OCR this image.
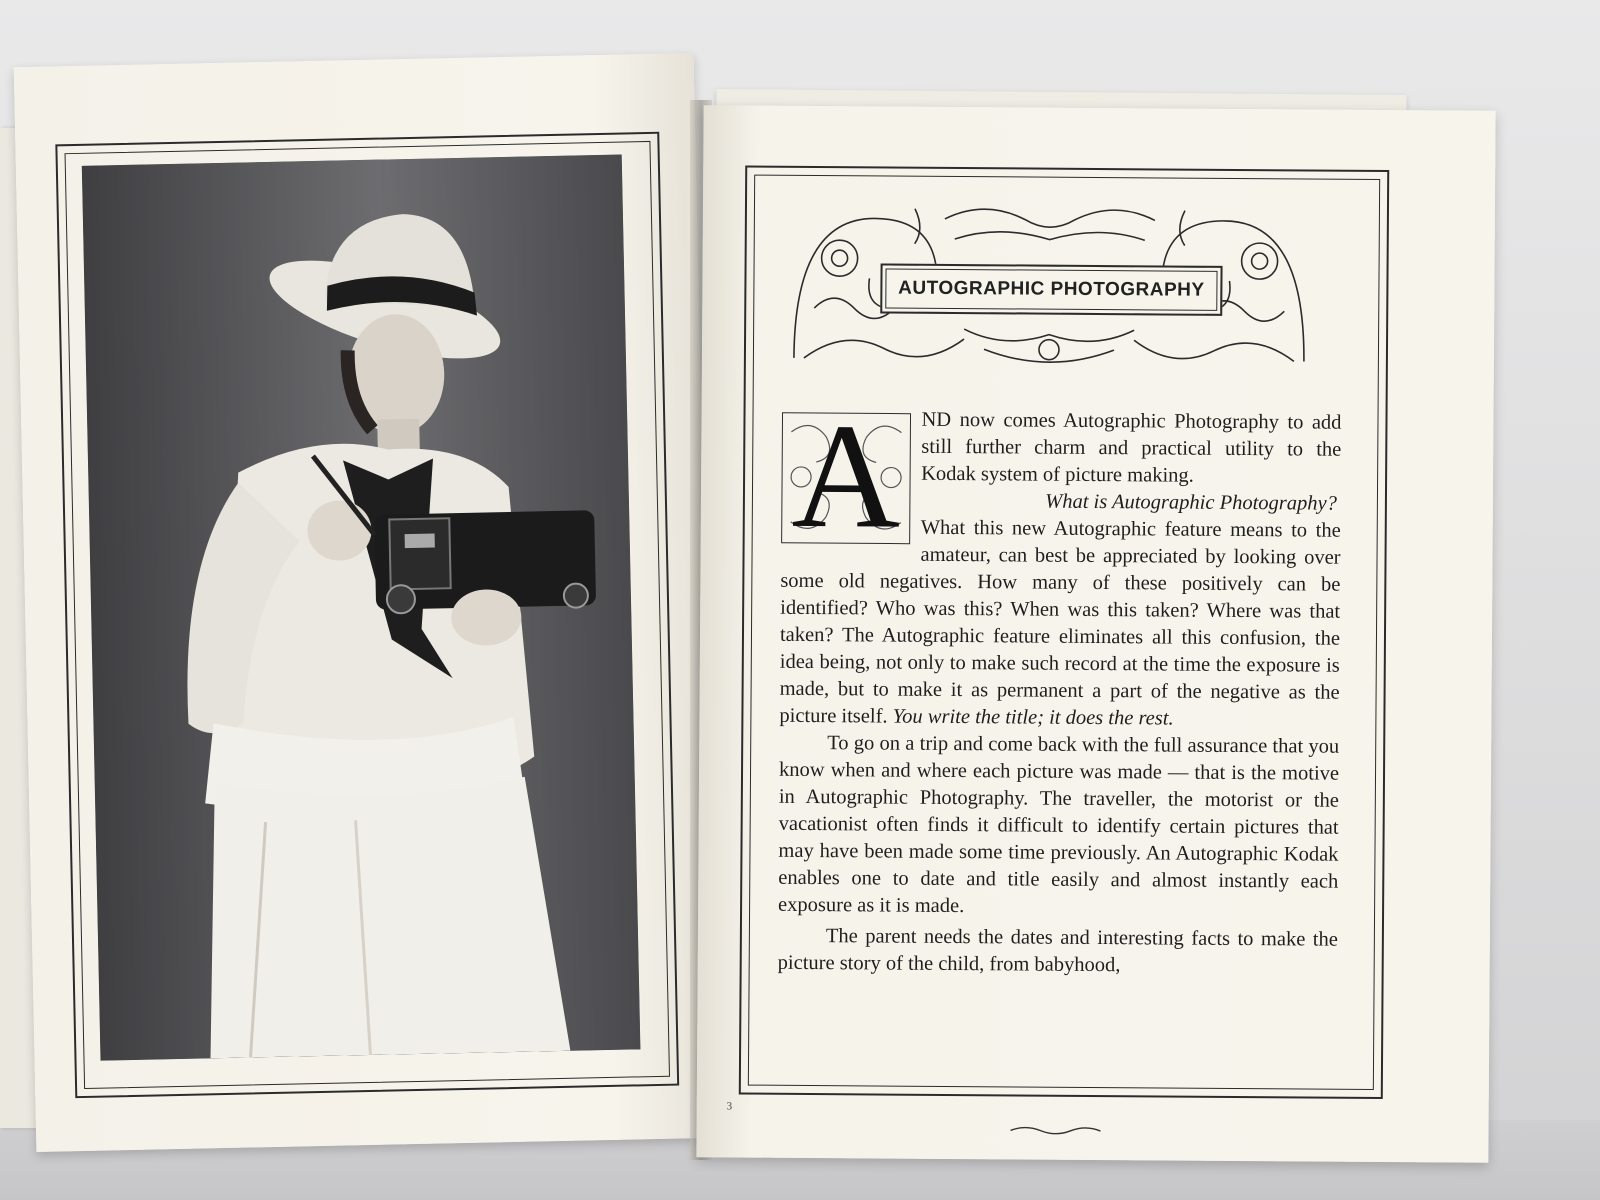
AUTOGRAPHIC PHOTOGRAPHY
A	ND now comes Autographic Photography to add still further charm and practical utility to the Kodak system of picture making.

What is Autographic Photography?

What this new Autographic feature means to the amateur, can best be appreciated by looking over some old negatives. How many of these positively can be identified? Who was this? When was this taken? Where was that taken? The Autographic feature eliminates all this confusion, the idea being, not only to make such record at the time the exposure is made, but to make it as permanent a part of the negative as the picture itself. You write the title; it does the rest.

To go on a trip and come back with the full assurance that you know when and where each picture was made — that is the motive in Autographic Photography. The traveller, the motorist or the vacationist often finds it difficult to identify certain pictures that may have been made some time previously. An Autographic Kodak enables one to date and title easily and almost instantly each exposure as it is made.

The parent needs the dates and interesting facts to make the picture story of the child, from babyhood,

3
